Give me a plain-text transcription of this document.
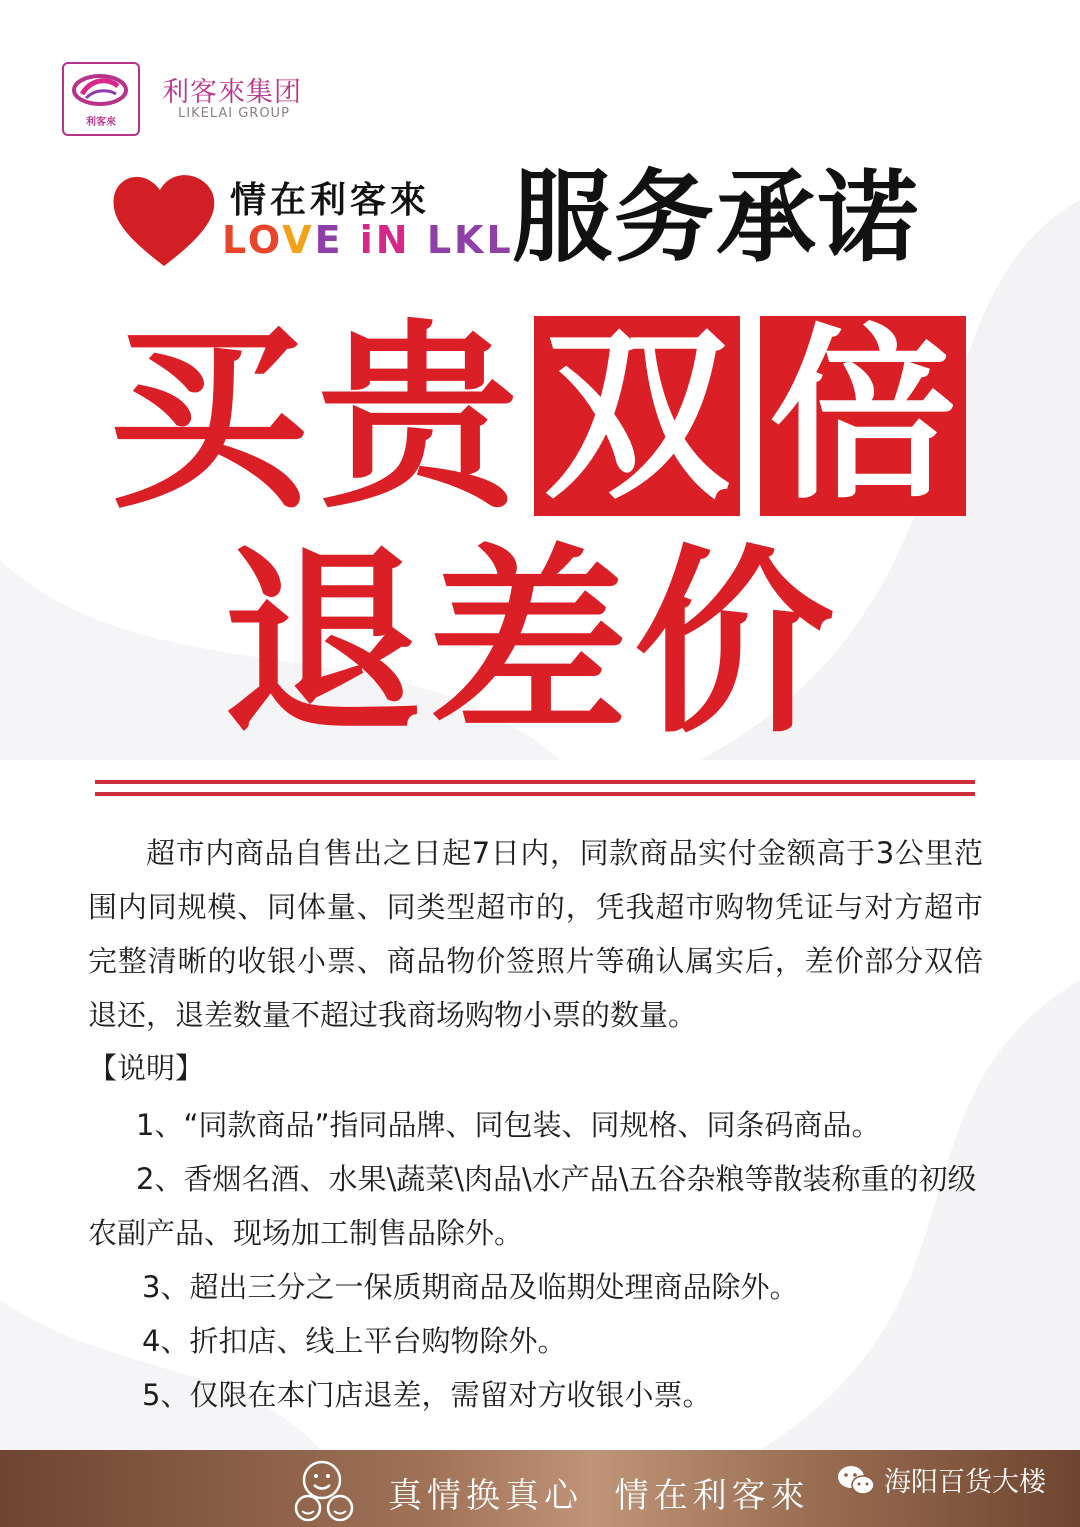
利客來
利客來集团
LIKELAI GROUP
情在利客來
LOVE iN LKL
服务承诺
买 贵 双 倍
退差价
超市内商品自售出之日起7日内，同款商品实付金额高于3公里范围内同规模、同体量、同类型超市的，凭我超市购物凭证与对方超市完整清晰的收银小票、商品物价签照片等确认属实后，差价部分双倍退还，退差数量不超过我商场购物小票的数量。
【说明】
1、“同款商品”指同品牌、同包装、同规格、同条码商品。
2、香烟名酒、水果\蔬菜\肉品\水产品\五谷杂粮等散装称重的初级农副产品、现场加工制售品除外。
3、超出三分之一保质期商品及临期处理商品除外。
4、折扣店、线上平台购物除外。
5、仅限在本门店退差，需留对方收银小票。
真情换真心  情在利客來	海阳百货大楼
